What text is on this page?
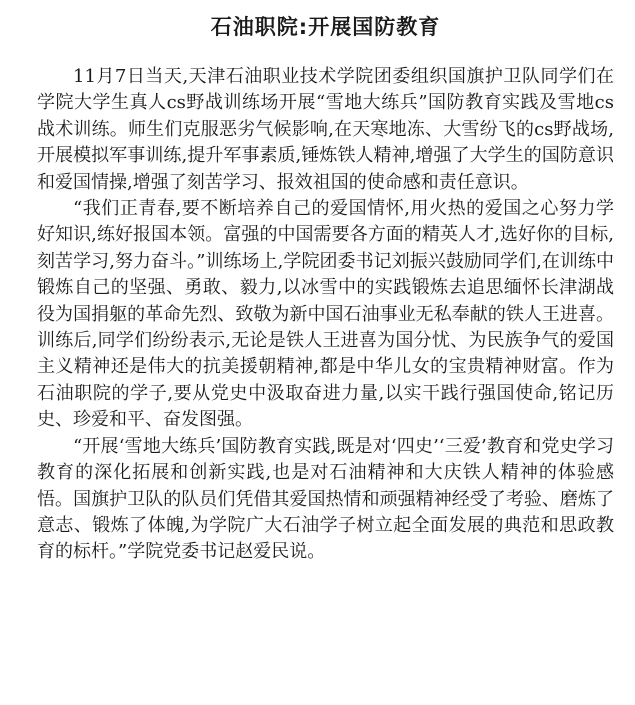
石油职院:开展国防教育

11月7日当天,天津石油职业技术学院团委组织国旗护卫队同学们在学院大学生真人cs野战训练场开展“雪地大练兵”国防教育实践及雪地cs战术训练。师生们克服恶劣气候影响,在天寒地冻、大雪纷飞的cs野战场,开展模拟军事训练,提升军事素质,锤炼铁人精神,增强了大学生的国防意识和爱国情操,增强了刻苦学习、报效祖国的使命感和责任意识。

“我们正青春,要不断培养自己的爱国情怀,用火热的爱国之心努力学好知识,练好报国本领。富强的中国需要各方面的精英人才,选好你的目标,刻苦学习,努力奋斗。”训练场上,学院团委书记刘振兴鼓励同学们,在训练中锻炼自己的坚强、勇敢、毅力,以冰雪中的实践锻炼去追思缅怀长津湖战役为国捐躯的革命先烈、致敬为新中国石油事业无私奉献的铁人王进喜。训练后,同学们纷纷表示,无论是铁人王进喜为国分忧、为民族争气的爱国主义精神还是伟大的抗美援朝精神,都是中华儿女的宝贵精神财富。作为石油职院的学子,要从党史中汲取奋进力量,以实干践行强国使命,铭记历史、珍爱和平、奋发图强。

“开展‘雪地大练兵’国防教育实践,既是对‘四史’‘三爱’教育和党史学习教育的深化拓展和创新实践,也是对石油精神和大庆铁人精神的体验感悟。国旗护卫队的队员们凭借其爱国热情和顽强精神经受了考验、磨炼了意志、锻炼了体魄,为学院广大石油学子树立起全面发展的典范和思政教育的标杆。”学院党委书记赵爱民说。
